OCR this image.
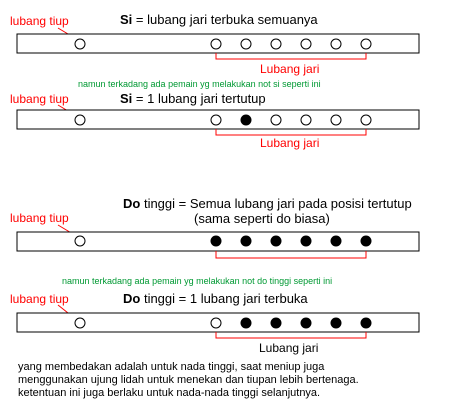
lubang tiup	Si = lubang jari terbuka semuanya
Lubang jari
namun terkadang ada pemain yg melakukan not si seperti ini
lubang tiup	Si = 1 lubang jari tertutup
Lubang jari
Do tinggi = Semua lubang jari pada posisi tertutup
(sama seperti do biasa)
lubang tiup
namun terkadang ada pemain yg melakukan not do tinggi seperti ini
lubang tiup	Do tinggi = 1 lubang jari terbuka
Lubang jari
yang membedakan adalah untuk nada tinggi, saat meniup juga
menggunakan ujung lidah untuk menekan dan tiupan lebih bertenaga.
ketentuan ini juga berlaku untuk nada-nada tinggi selanjutnya.
